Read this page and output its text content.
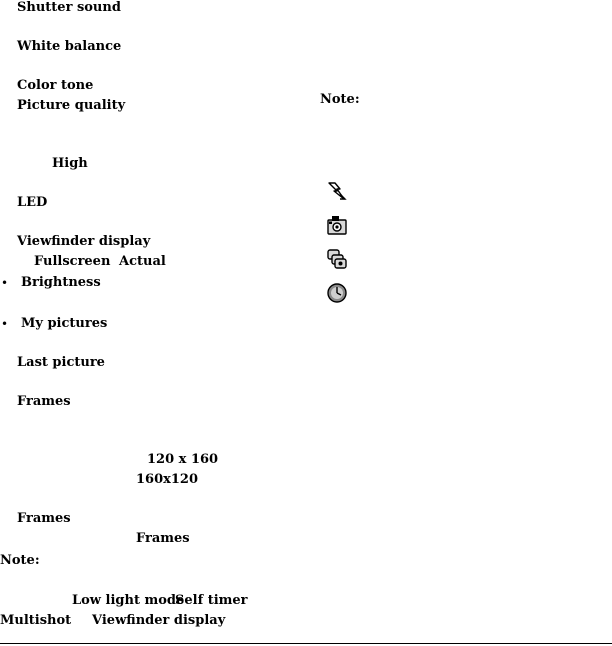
Shutter sound
White balance
Color tone
Picture quality
High
LED
Viewfinder display
Fullscreen Actual
• Brightness
• My pictures
Last picture
Frames
120 x 160
160x120
Frames
Frames
Note:
Low light mode
Self timer
Multishot Viewfinder display
Note:
